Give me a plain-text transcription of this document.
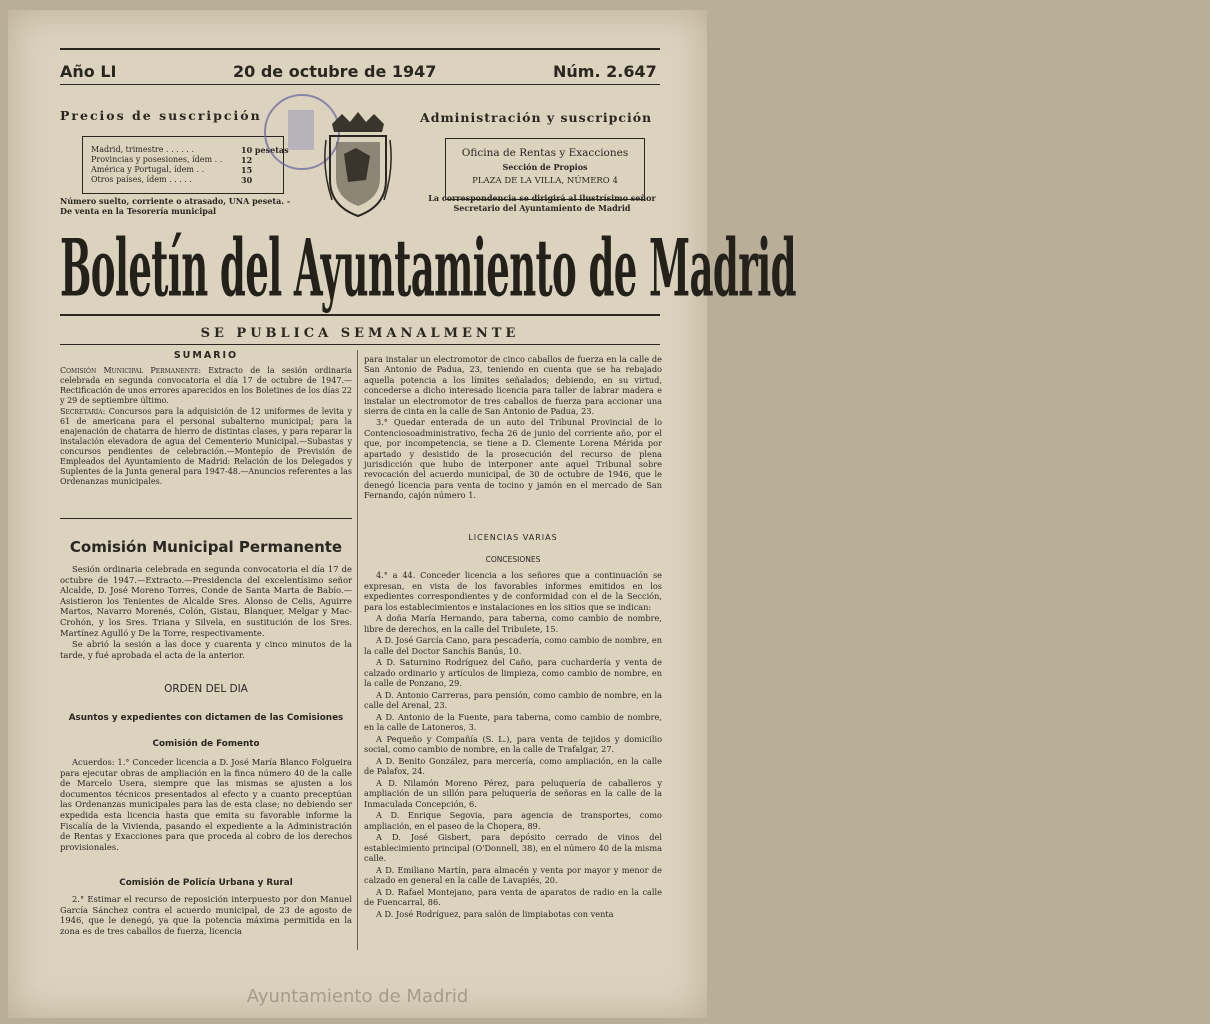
Año LI	20 de octubre de 1947	Núm. 2.647
Precios de suscripción
Madrid, trimestre . . . . . .	10 pesetas
Provincias y posesiones, ídem . . 12
América y Portugal, ídem . .	15
Otros países, ídem . . . . .	30
Número suelto, corriente o atrasado, UNA peseta. - De venta en la Tesorería municipal
Administración y suscripción
Oficina de Rentas y Exacciones
Sección de Propios
PLAZA DE LA VILLA, NÚMERO 4
La correspondencia se dirigirá al ilustrísimo señor Secretario del Ayuntamiento de Madrid
Boletín del Ayuntamiento de Madrid
SE PUBLICA SEMANALMENTE
SUMARIO

Comisión Municipal Permanente: Extracto de la sesión ordinaria celebrada en segunda convocatoria el día 17 de octubre de 1947.—Rectificación de unos errores aparecidos en los Boletines de los días 22 y 29 de septiembre último.

Secretaría: Concursos para la adquisición de 12 uniformes de levita y 61 de americana para el personal subalterno municipal; para la enajenación de chatarra de hierro de distintas clases, y para reparar la instalación elevadora de agua del Cementerio Municipal.—Subastas y concursos pendientes de celebración.—Montepío de Previsión de Empleados del Ayuntamiento de Madrid: Relación de los Delegados y Suplentes de la Junta general para 1947-48.—Anuncios referentes a las Ordenanzas municipales.

para instalar un electromotor de cinco caballos de fuerza en la calle de San Antonio de Padua, 23, teniendo en cuenta que se ha rebajado aquella potencia a los límites señalados; debiendo, en su virtud, concederse a dicho interesado licencia para taller de labrar madera e instalar un electromotor de tres caballos de fuerza para accionar una sierra de cinta en la calle de San Antonio de Padua, 23.

3.° Quedar enterada de un auto del Tribunal Provincial de lo Contenciosoadministrativo, fecha 26 de junio del corriente año, por el que, por incompetencia, se tiene a D. Clemente Lorena Mérida por apartado y desistido de la prosecución del recurso de plena jurisdicción que hubo de interponer ante aquel Tribunal sobre revocación del acuerdo municipal, de 30 de octubre de 1946, que le denegó licencia para venta de tocino y jamón en el mercado de San Fernando, cajón número 1.

Comisión Municipal Permanente

Sesión ordinaria celebrada en segunda convocatoria el día 17 de octubre de 1947.—Extracto.—Presidencia del excelentísimo señor Alcalde, D. José Moreno Torres, Conde de Santa Marta de Babío.—Asistieron los Tenientes de Alcalde Sres. Alonso de Celis, Aguirre Martos, Navarro Morenés, Colón, Gistau, Blanquer, Melgar y Mac-Crohón, y los Sres. Triana y Silvela, en sustitución de los Sres. Martínez Agulló y De la Torre, respectivamente.

Se abrió la sesión a las doce y cuarenta y cinco minutos de la tarde, y fué aprobada el acta de la anterior.

ORDEN DEL DIA
Asuntos y expedientes con dictamen de las Comisiones
Comisión de Fomento

Acuerdos: 1.° Conceder licencia a D. José María Blanco Folgueira para ejecutar obras de ampliación en la finca número 40 de la calle de Marcelo Usera, siempre que las mismas se ajusten a los documentos técnicos presentados al efecto y a cuanto preceptúan las Ordenanzas municipales para las de esta clase; no debiendo ser expedida esta licencia hasta que emita su favorable informe la Fiscalía de la Vivienda, pasando el expediente a la Administración de Rentas y Exacciones para que proceda al cobro de los derechos provisionales.

Comisión de Policía Urbana y Rural

2.° Estimar el recurso de reposición interpuesto por don Manuel García Sánchez contra el acuerdo municipal, de 23 de agosto de 1946, que le denegó, ya que la potencia máxima permitida en la zona es de tres caballos de fuerza, licencia

LICENCIAS VARIAS
CONCESIONES

4.° a 44. Conceder licencia a los señores que a continuación se expresan, en vista de los favorables informes emitidos en los expedientes correspondientes y de conformidad con el de la Sección, para los establecimientos e instalaciones en los sitios que se indican:

A doña María Hernando, para taberna, como cambio de nombre, libre de derechos, en la calle del Tribulete, 15.

A D. José García Cano, para pescadería, como cambio de nombre, en la calle del Doctor Sanchís Banús, 10.

A D. Saturnino Rodríguez del Caño, para cuchardería y venta de calzado ordinario y artículos de limpieza, como cambio de nombre, en la calle de Ponzano, 29.

A D. Antonio Carreras, para pensión, como cambio de nombre, en la calle del Arenal, 23.

A D. Antonio de la Fuente, para taberna, como cambio de nombre, en la calle de Latoneros, 3.

A Pequeño y Compañía (S. L.), para venta de tejidos y domicilio social, como cambio de nombre, en la calle de Trafalgar, 27.

A D. Benito González, para mercería, como ampliación, en la calle de Palafox, 24.

A D. Nilamón Moreno Pérez, para peluquería de caballeros y ampliación de un sillón para peluquería de señoras en la calle de la Inmaculada Concepción, 6.

A D. Enrique Segovia, para agencia de transportes, como ampliación, en el paseo de la Chopera, 89.

A D. José Gisbert, para depósito cerrado de vinos del establecimiento principal (O'Donnell, 38), en el número 40 de la misma calle.

A D. Emiliano Martín, para almacén y venta por mayor y menor de calzado en general en la calle de Lavapiés, 20.

A D. Rafael Montejano, para venta de aparatos de radio en la calle de Fuencarral, 86.

A D. José Rodríguez, para salón de limpiabotas con venta

Ayuntamiento de Madrid
